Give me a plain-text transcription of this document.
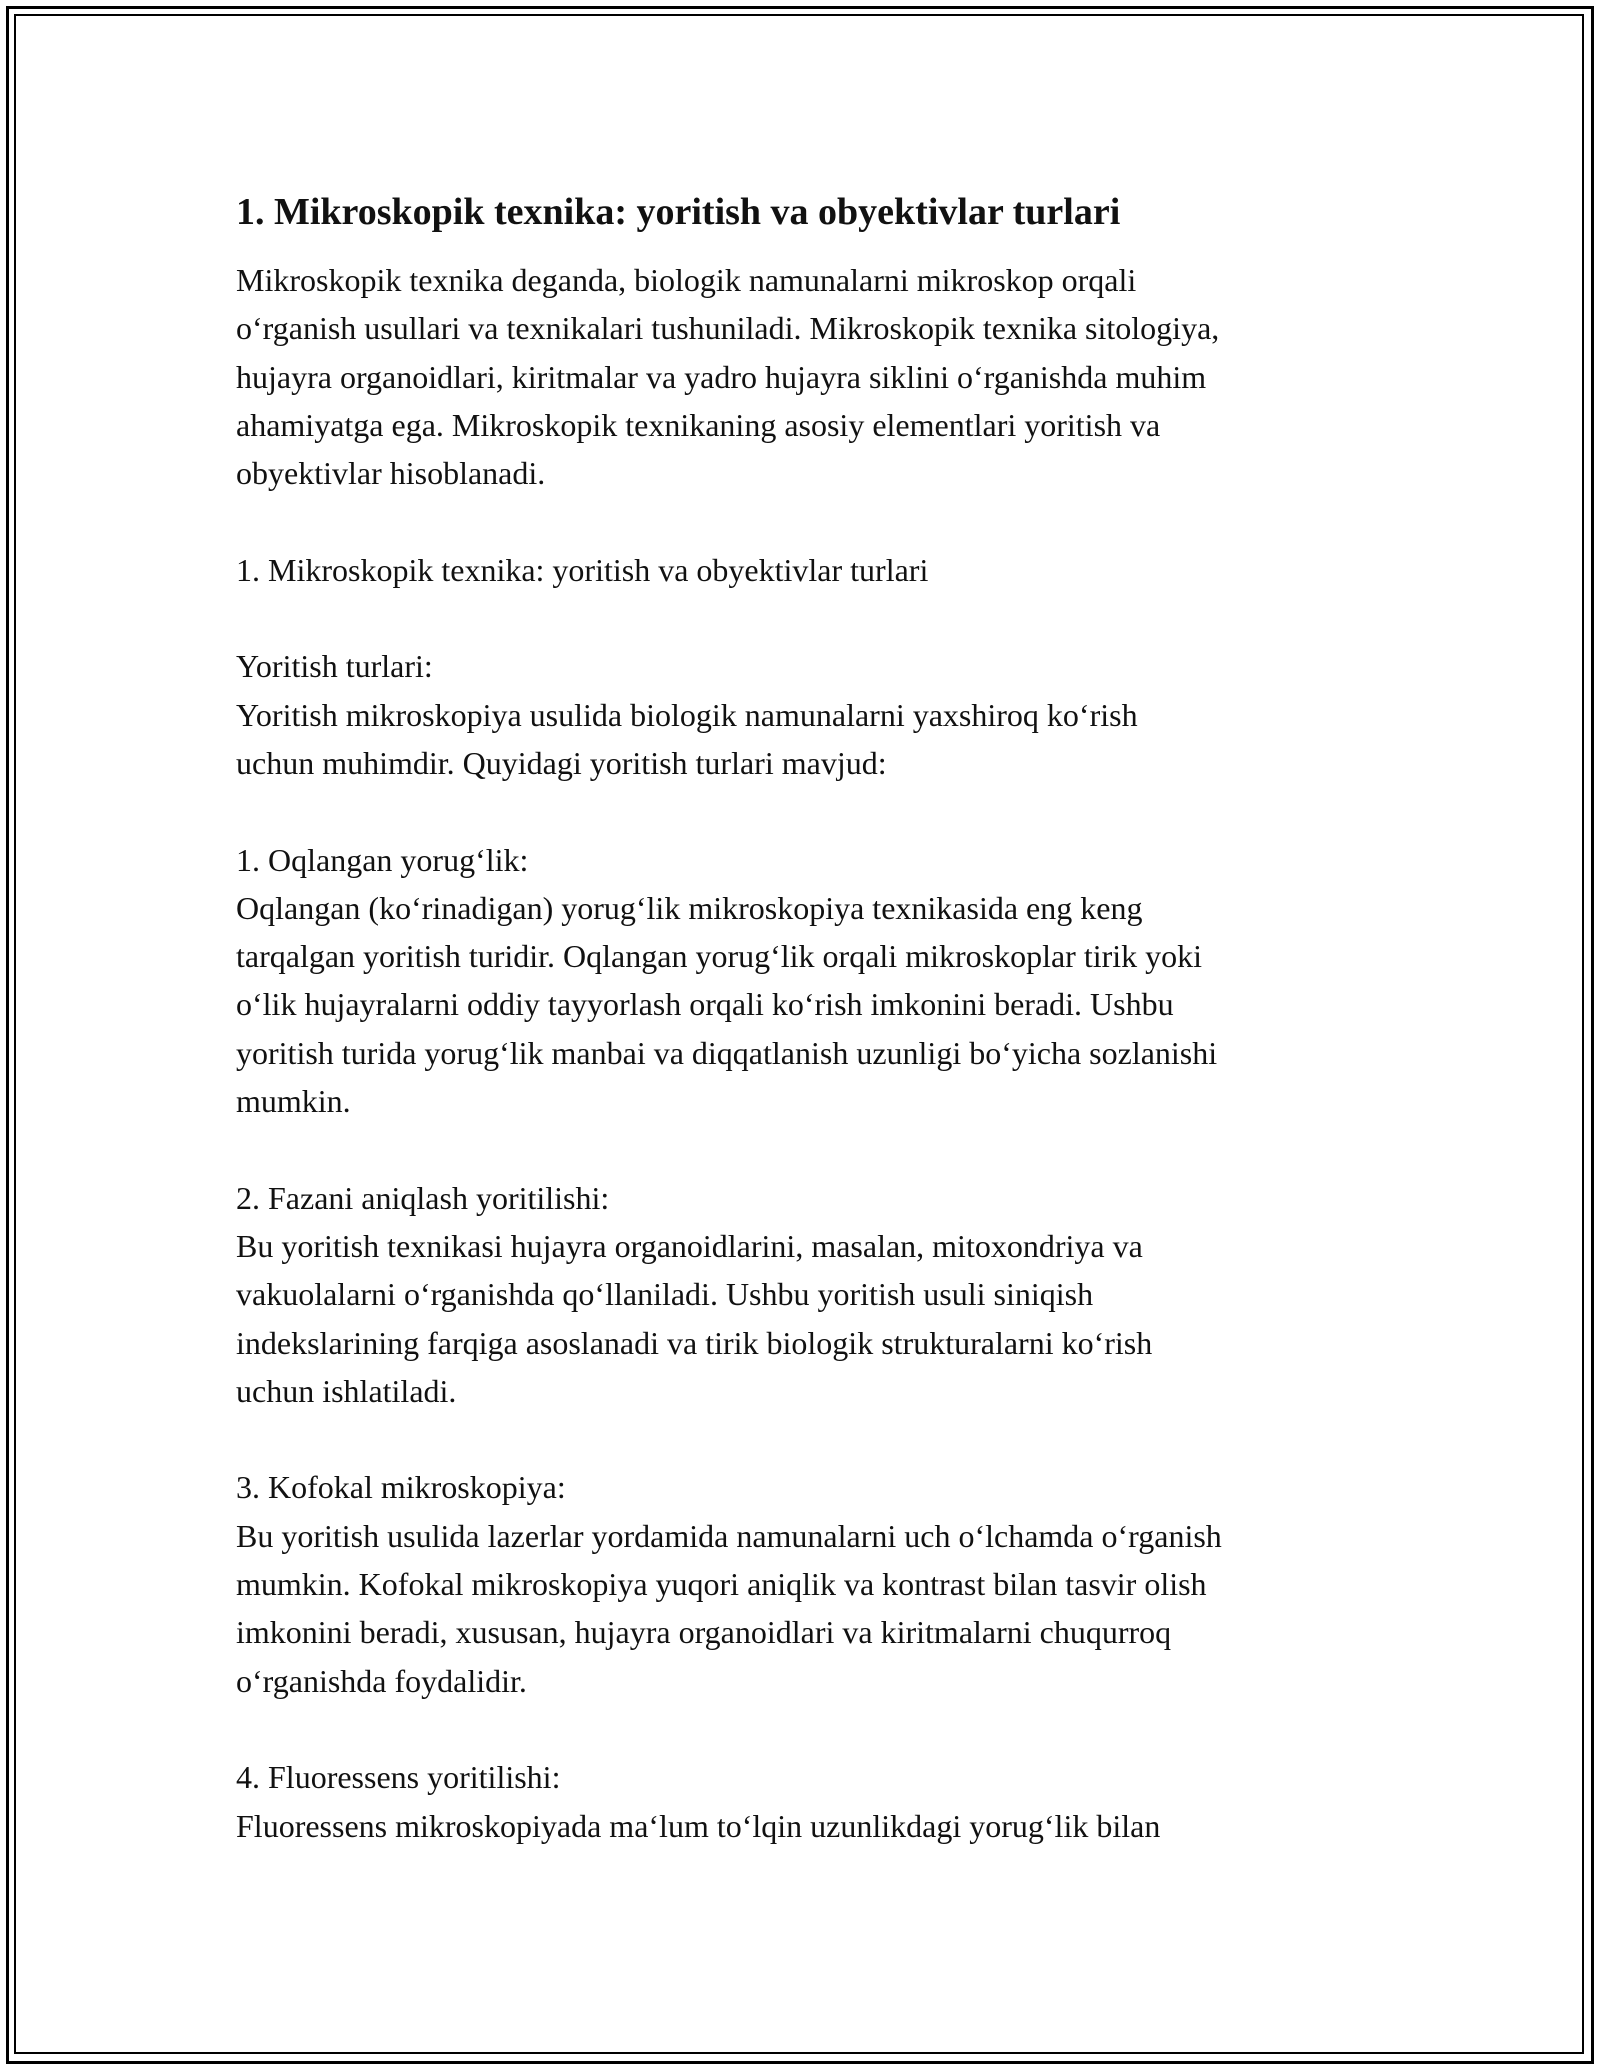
1. Mikroskopik texnika: yoritish va obyektivlar turlari
Mikroskopik texnika deganda, biologik namunalarni mikroskop orqali
o‘rganish usullari va texnikalari tushuniladi. Mikroskopik texnika sitologiya,
hujayra organoidlari, kiritmalar va yadro hujayra siklini o‘rganishda muhim
ahamiyatga ega. Mikroskopik texnikaning asosiy elementlari yoritish va
obyektivlar hisoblanadi.
1. Mikroskopik texnika: yoritish va obyektivlar turlari
Yoritish turlari:
Yoritish mikroskopiya usulida biologik namunalarni yaxshiroq ko‘rish
uchun muhimdir. Quyidagi yoritish turlari mavjud:
1. Oqlangan yorug‘lik:
Oqlangan (ko‘rinadigan) yorug‘lik mikroskopiya texnikasida eng keng
tarqalgan yoritish turidir. Oqlangan yorug‘lik orqali mikroskoplar tirik yoki
o‘lik hujayralarni oddiy tayyorlash orqali ko‘rish imkonini beradi. Ushbu
yoritish turida yorug‘lik manbai va diqqatlanish uzunligi bo‘yicha sozlanishi
mumkin.
2. Fazani aniqlash yoritilishi:
Bu yoritish texnikasi hujayra organoidlarini, masalan, mitoxondriya va
vakuolalarni o‘rganishda qo‘llaniladi. Ushbu yoritish usuli siniqish
indekslarining farqiga asoslanadi va tirik biologik strukturalarni ko‘rish
uchun ishlatiladi.
3. Kofokal mikroskopiya:
Bu yoritish usulida lazerlar yordamida namunalarni uch o‘lchamda o‘rganish
mumkin. Kofokal mikroskopiya yuqori aniqlik va kontrast bilan tasvir olish
imkonini beradi, xususan, hujayra organoidlari va kiritmalarni chuqurroq
o‘rganishda foydalidir.
4. Fluoressens yoritilishi:
Fluoressens mikroskopiyada ma‘lum to‘lqin uzunlikdagi yorug‘lik bilan
